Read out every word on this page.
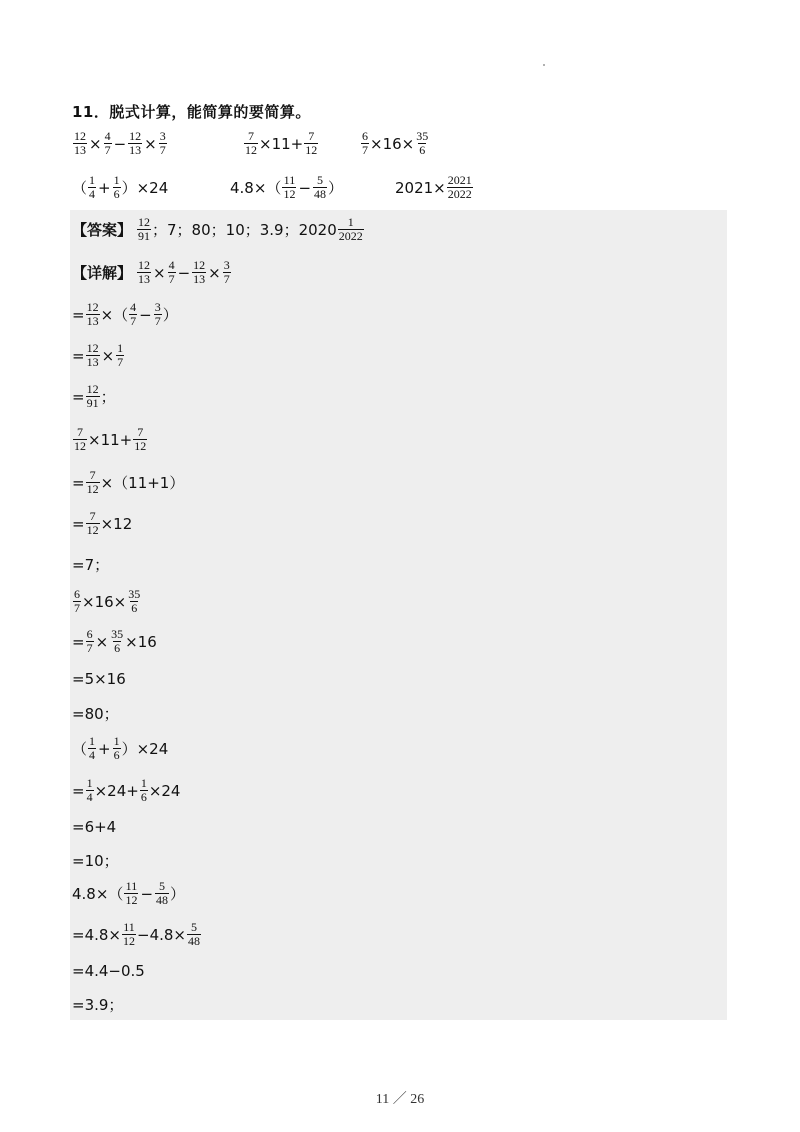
11．脱式计算，能简算的要简算。
$\frac{12}{13} \times \frac{4}{7} - \frac{12}{13} \times \frac{3}{7}$	$\frac{7}{12} \times 11+ \frac{7}{12}$	$\frac{6}{7} \times 16\times \frac{35}{6}$
（ $\frac{1}{4} + \frac{1}{6} )\times 24$	$4.8\times( \frac{11}{12} - \frac{5}{48}$ ）	$2021\times \frac{2021}{2022}$
【答案】 $\frac{12}{91}$ ；7；80；10；3.9；$2020 \frac{1}{2022}$
【详解】 $\frac{12}{13} \times \frac{4}{7} - \frac{12}{13} \times \frac{3}{7}$
= $\frac{12}{13}$ ×（ $\frac{4}{7} - \frac{3}{7}$ ）
= $\frac{12}{13} \times \frac{1}{7}$
= $\frac{12}{91}$ ；
$\frac{7}{12} \times 11+ \frac{7}{12}$
= $\frac{7}{12} \times(11+1)$
= $\frac{7}{12} \times 12$
=7；
$\frac{6}{7} \times 16\times \frac{35}{6}$
= $\frac{6}{7} \times \frac{35}{6} \times 16$
=5×16
=80；
（ $\frac{1}{4} + \frac{1}{6} )\times 24$
= $\frac{1}{4} \times 24+ \frac{1}{6} \times 24$
=6+4
=10；
$4.8\times( \frac{11}{12} - \frac{5}{48}$ ）
$=4.8\times \frac{11}{12} -4.8\times \frac{5}{48}$
=4.4−0.5
=3.9；
11 ／ 26
